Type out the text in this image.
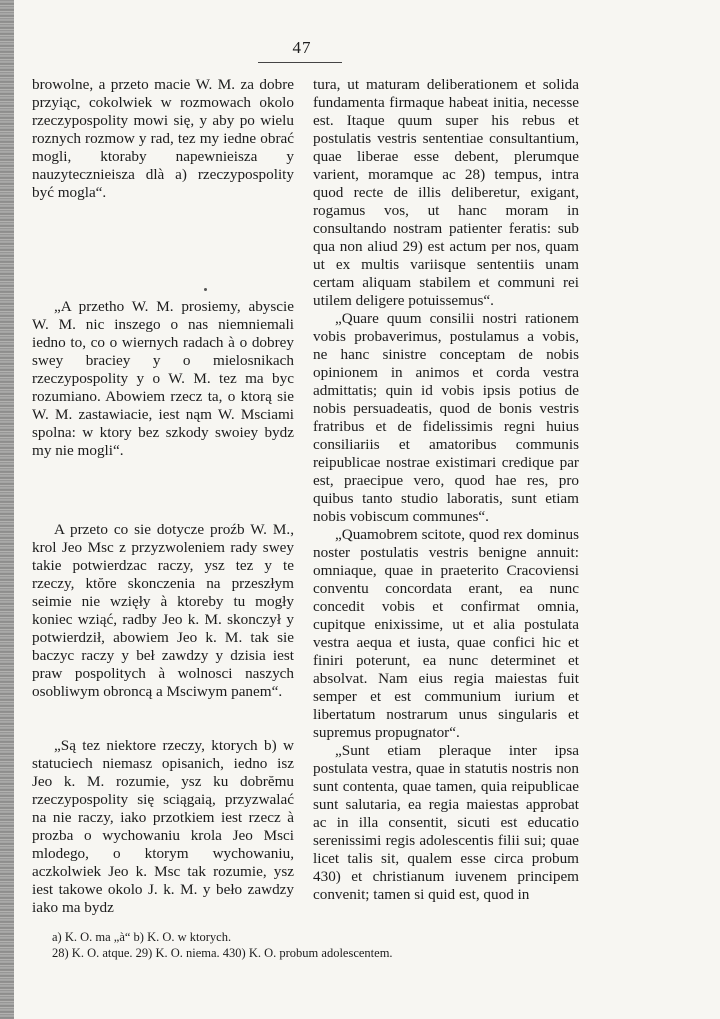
47

browolne, a przeto macie W. M. za dobre przyiąc, cokolwiek w rozmowach okolo rzeczypospolity mowi się, y aby po wielu roznych rozmow y rad, tez my iedne obrać mogli, ktoraby napewnieisza y nauzytecznieisza dlà a) rzeczypospolity być mogla“.

„A przetho W. M. prosiemy, abyscie W. M. nic inszego o nas niemniemali iedno to, co o wiernych radach à o dobrey swey braciey y o mielosnikach rzeczypospolity y o W. M. tez ma byc rozumiano. Abowiem rzecz ta, o ktorą sie W. M. zastawiacie, iest nąm W. Msciami spolna: w ktory bez szkody swoiey bydz my nie mogli“.

A przeto co sie dotycze proźb W. M., krol Jeo Msc z przyzwoleniem rady swey takie potwierdzac raczy, ysz tez y te rzeczy, ktŏre skonczenia na przeszłym seimie nie wzięły à ktoreby tu mogły koniec wziąć, radby Jeo k. M. skonczył y potwierdził, abowiem Jeo k. M. tak sie baczyc raczy y beł zawdzy y dzisia iest praw pospolitych à wolnosci naszych osobliwym obroncą a Msciwym panem“.

„Są tez niektore rzeczy, ktorych b) w statuciech niemasz opisanich, iedno isz Jeo k. M. rozumie, ysz ku dobrĕmu rzeczypospolity się sciągaią, przyzwalać na nie raczy, iako przotkiem iest rzecz à prozba o wychowaniu krola Jeo Msci mlodego, o ktorym wychowaniu, aczkolwiek Jeo k. Msc tak rozumie, ysz iest takowe okolo J. k. M. y beło zawdzy iako ma bydz

tura, ut maturam deliberationem et solida fundamenta firmaque habeat initia, necesse est. Itaque quum super his rebus et postulatis vestris sententiae consultantium, quae liberae esse debent, plerumque varient, moramque ac 28) tempus, intra quod recte de illis deliberetur, exigant, rogamus vos, ut hanc moram in consultando nostram patienter feratis: sub qua non aliud 29) est actum per nos, quam ut ex multis variisque sententiis unam certam aliquam stabilem et communi rei utilem deligere potuissemus“.

„Quare quum consilii nostri rationem vobis probaverimus, postulamus a vobis, ne hanc sinistre conceptam de nobis opinionem in animos et corda vestra admittatis; quin id vobis ipsis potius de nobis persuadeatis, quod de bonis vestris fratribus et de fidelissimis regni huius consiliariis et amatoribus communis reipublicae nostrae existimari credique par est, praecipue vero, quod hae res, pro quibus tanto studio laboratis, sunt etiam nobis vobiscum communes“.

„Quamobrem scitote, quod rex dominus noster postulatis vestris benigne annuit: omniaque, quae in praeterito Cracoviensi conventu concordata erant, ea nunc concedit vobis et confirmat omnia, cupitque enixissime, ut et alia postulata vestra aequa et iusta, quae confici hic et finiri poterunt, ea nunc determinet et absolvat. Nam eius regia maiestas fuit semper et est communium iurium et libertatum nostrarum unus singularis et supremus propugnator“.

„Sunt etiam pleraque inter ipsa postulata vestra, quae in statutis nostris non sunt contenta, quae tamen, quia reipublicae sunt salutaria, ea regia maiestas approbat ac in illa consentit, sicuti est educatio serenissimi regis adolescentis filii sui; quae licet talis sit, qualem esse circa probum 430) et christianum iuvenem principem convenit; tamen si quid est, quod in

a) K. O. ma „à“ b) K. O. w ktorych.
28) K. O. atque. 29) K. O. niema. 430) K. O. probum adolescentem.
